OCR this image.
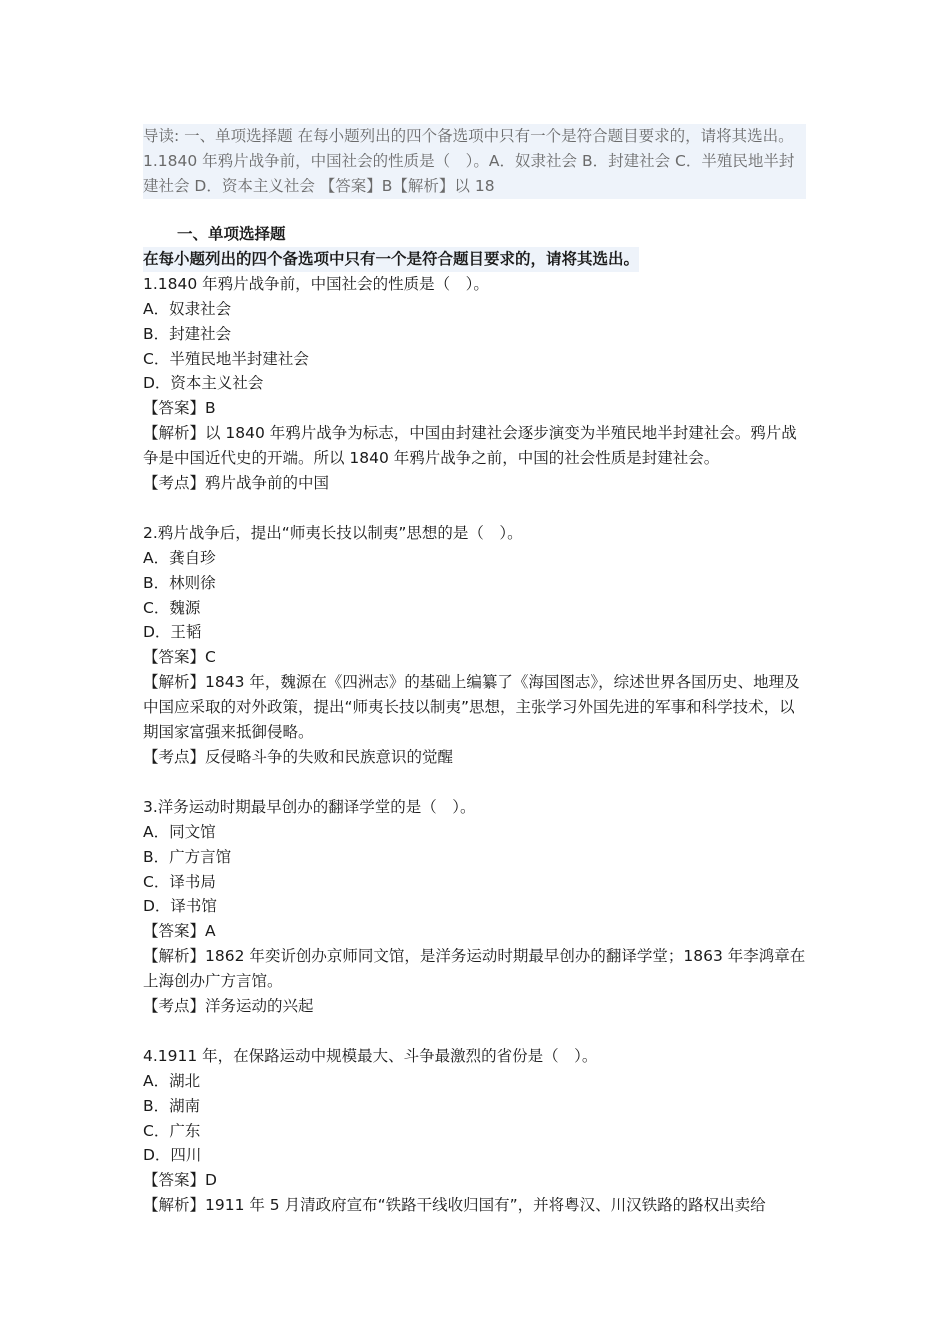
导读: 一、单项选择题 在每小题列出的四个备选项中只有一个是符合题目要求的，请将其选出。1.1840 年鸦片战争前，中国社会的性质是（　）。A．奴隶社会 B．封建社会 C．半殖民地半封建社会 D．资本主义社会 【答案】B【解析】以 18
一、单项选择题
在每小题列出的四个备选项中只有一个是符合题目要求的，请将其选出。
1.1840 年鸦片战争前，中国社会的性质是（　）。
A．奴隶社会
B．封建社会
C．半殖民地半封建社会
D．资本主义社会
【答案】B
【解析】以 1840 年鸦片战争为标志，中国由封建社会逐步演变为半殖民地半封建社会。鸦片战争是中国近代史的开端。所以 1840 年鸦片战争之前，中国的社会性质是封建社会。
【考点】鸦片战争前的中国
2.鸦片战争后，提出“师夷长技以制夷”思想的是（　）。
A．龚自珍
B．林则徐
C．魏源
D．王韬
【答案】C
【解析】1843 年，魏源在《四洲志》的基础上编纂了《海国图志》，综述世界各国历史、地理及中国应采取的对外政策，提出“师夷长技以制夷”思想，主张学习外国先进的军事和科学技术，以期国家富强来抵御侵略。
【考点】反侵略斗争的失败和民族意识的觉醒
3.洋务运动时期最早创办的翻译学堂的是（　）。
A．同文馆
B．广方言馆
C．译书局
D．译书馆
【答案】A
【解析】1862 年奕䜣创办京师同文馆，是洋务运动时期最早创办的翻译学堂；1863 年李鸿章在上海创办广方言馆。
【考点】洋务运动的兴起
4.1911 年，在保路运动中规模最大、斗争最激烈的省份是（　）。
A．湖北
B．湖南
C．广东
D．四川
【答案】D
【解析】1911 年 5 月清政府宣布“铁路干线收归国有”，并将粤汉、川汉铁路的路权出卖给
